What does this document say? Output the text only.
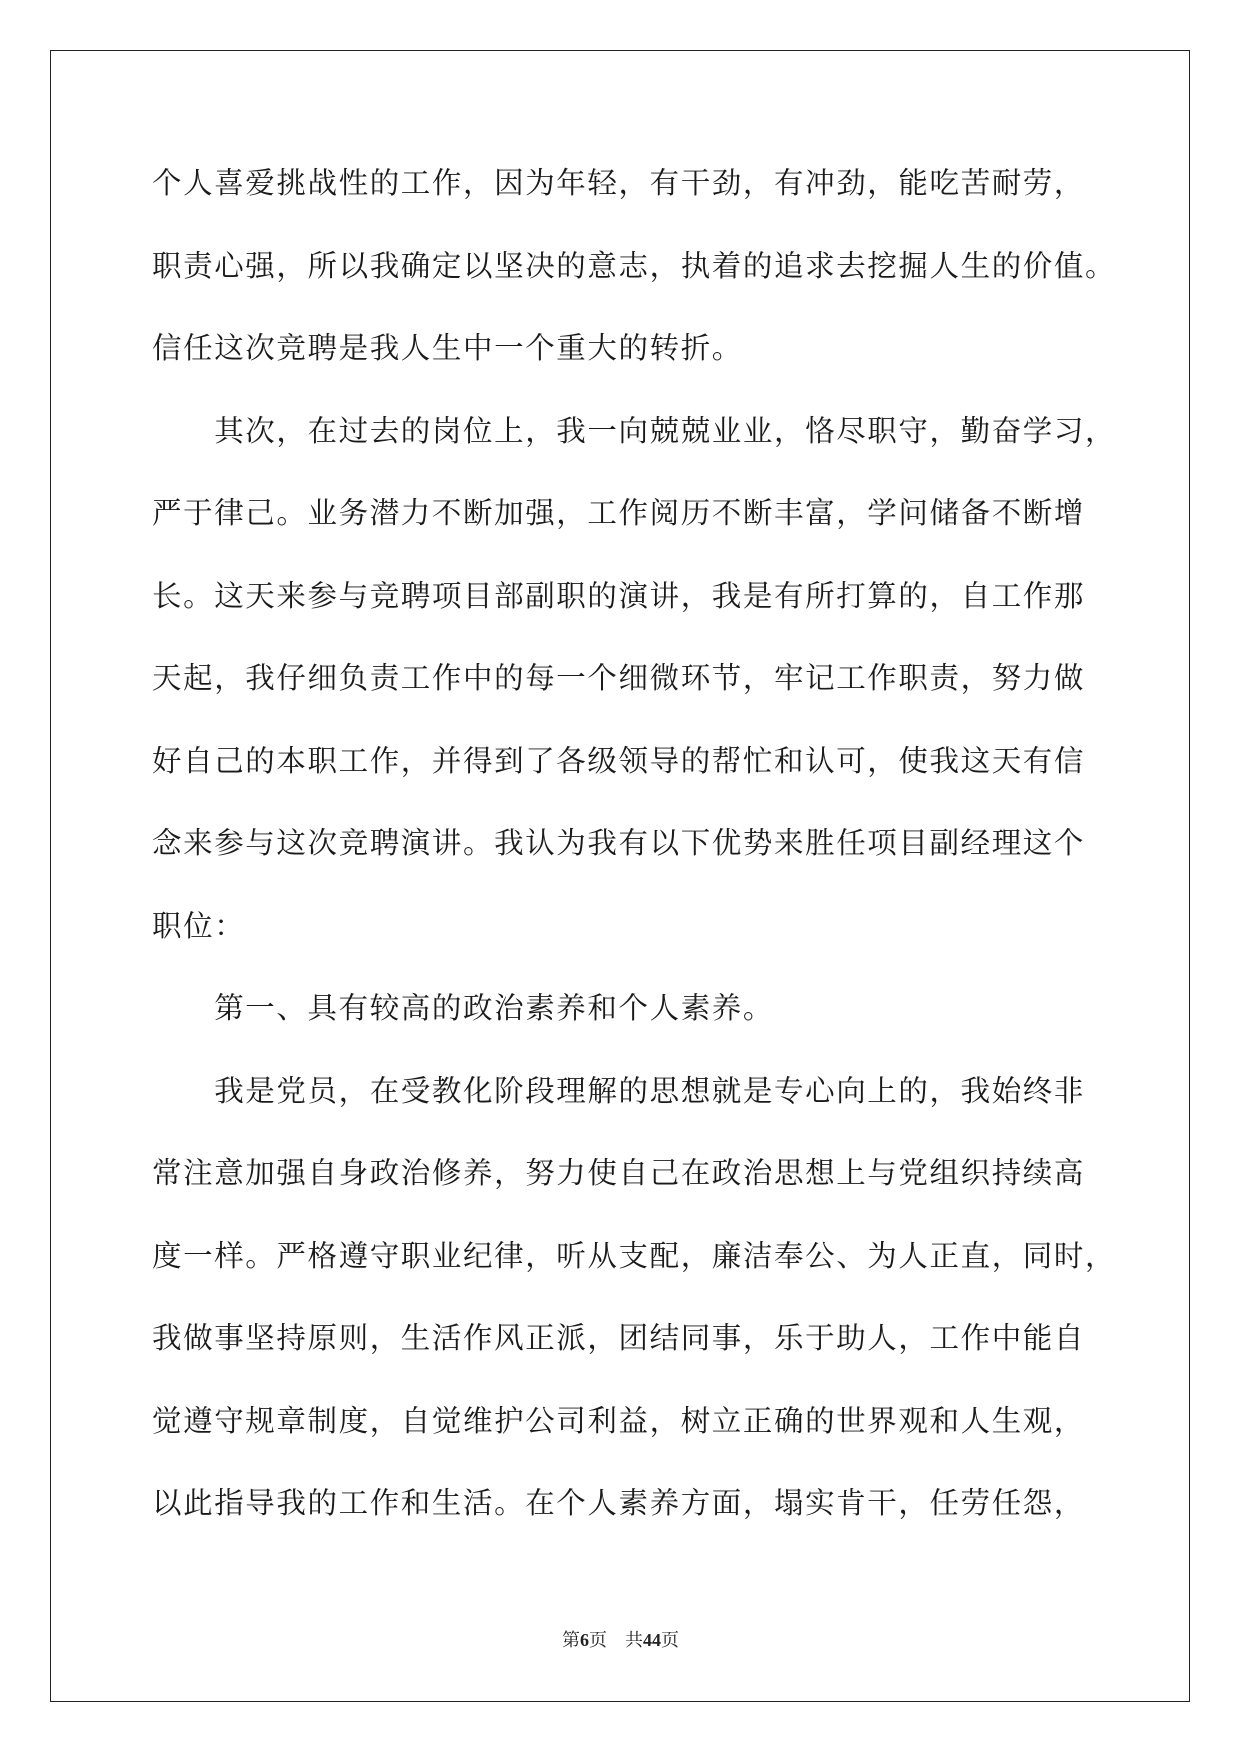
个人喜爱挑战性的工作，因为年轻，有干劲，有冲劲，能吃苦耐劳，

职责心强，所以我确定以坚决的意志，执着的追求去挖掘人生的价值。

信任这次竞聘是我人生中一个重大的转折。

　　其次，在过去的岗位上，我一向兢兢业业，恪尽职守，勤奋学习，

严于律己。业务潜力不断加强，工作阅历不断丰富，学问储备不断增

长。这天来参与竞聘项目部副职的演讲，我是有所打算的，自工作那

天起，我仔细负责工作中的每一个细微环节，牢记工作职责，努力做

好自己的本职工作，并得到了各级领导的帮忙和认可，使我这天有信

念来参与这次竞聘演讲。我认为我有以下优势来胜任项目副经理这个

职位：

　　第一、具有较高的政治素养和个人素养。

　　我是党员，在受教化阶段理解的思想就是专心向上的，我始终非

常注意加强自身政治修养，努力使自己在政治思想上与党组织持续高

度一样。严格遵守职业纪律，听从支配，廉洁奉公、为人正直，同时，

我做事坚持原则，生活作风正派，团结同事，乐于助人，工作中能自

觉遵守规章制度，自觉维护公司利益，树立正确的世界观和人生观，

以此指导我的工作和生活。在个人素养方面，塌实肯干，任劳任怨，

第6页 共44页
